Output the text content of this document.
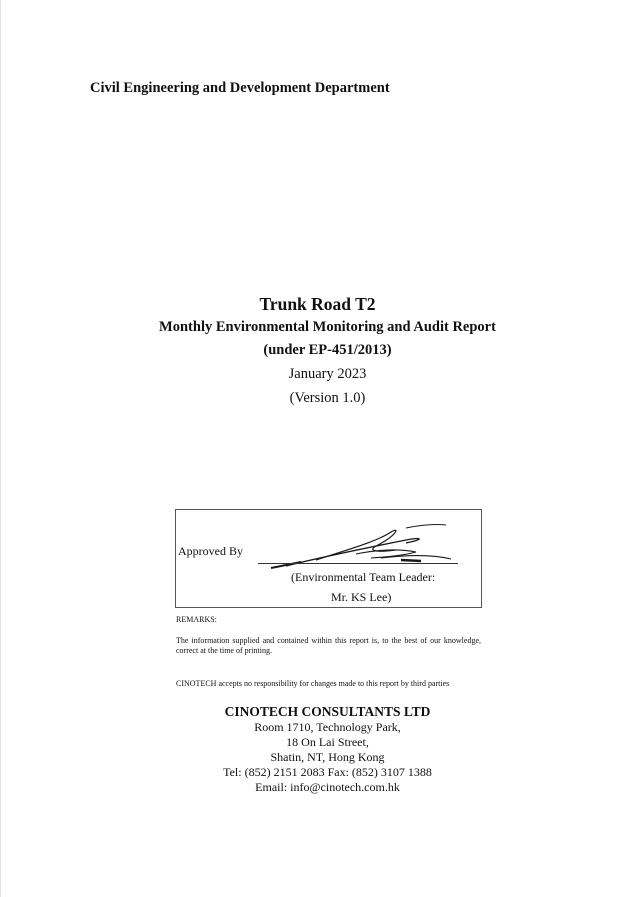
Civil Engineering and Development Department
Trunk Road T2
Monthly Environmental Monitoring and Audit Report
(under EP-451/2013)
January 2023
(Version 1.0)
Approved By
(Environmental Team Leader:
Mr. KS Lee)
REMARKS:
The information supplied and contained within this report is, to the best of our knowledge, correct at the time of printing.
CINOTECH accepts no responsibility for changes made to this report by third parties
CINOTECH CONSULTANTS LTD
Room 1710, Technology Park,
18 On Lai Street,
Shatin, NT, Hong Kong
Tel: (852) 2151 2083 Fax: (852) 3107 1388
Email: info@cinotech.com.hk
